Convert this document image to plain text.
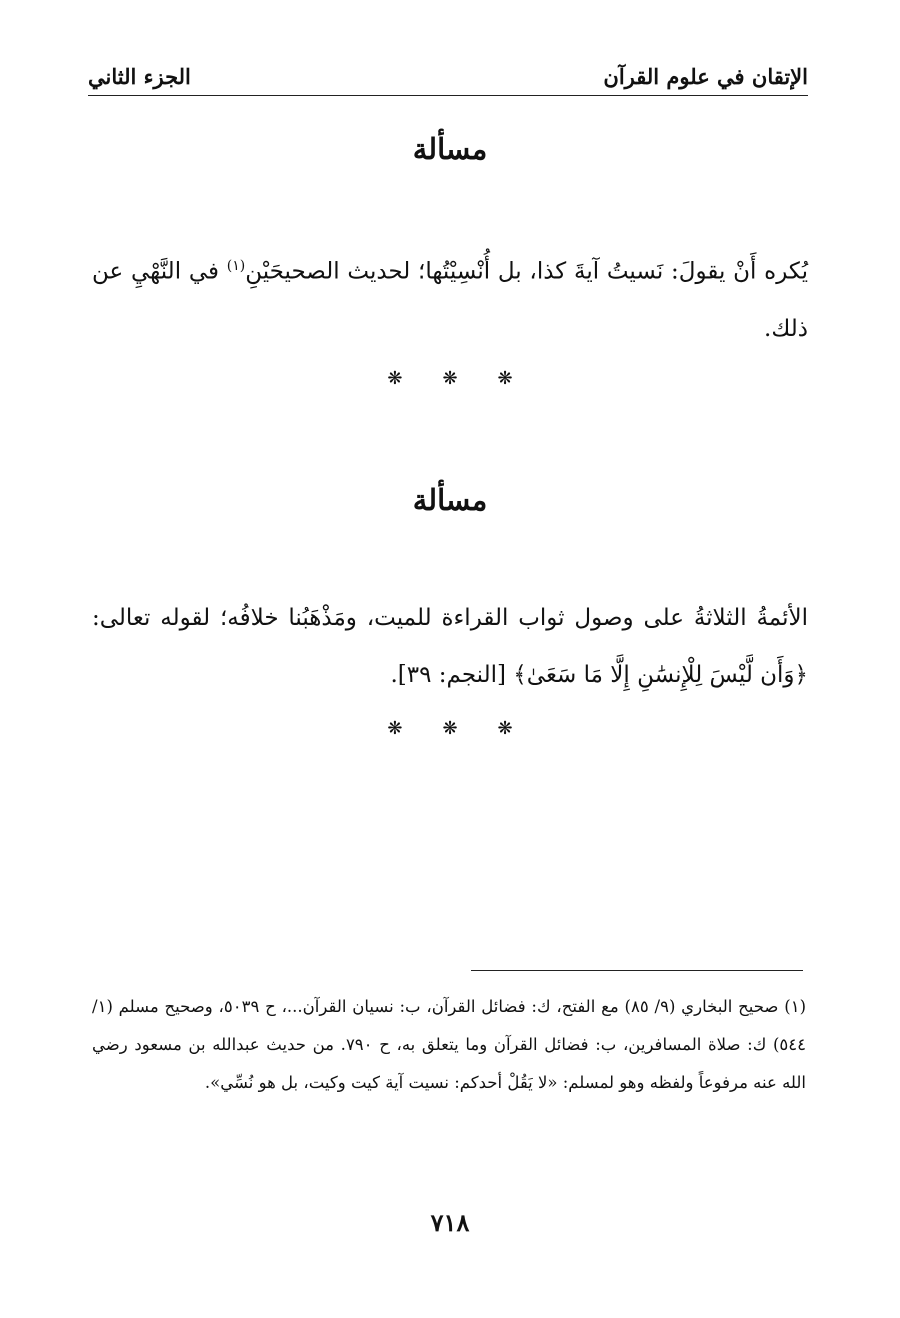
الإتقان في علوم القرآن
الجزء الثاني
مسألة
يُكره أَنْ يقولَ: نَسيتُ آيةَ كذا، بل أُنْسِيْتُها؛ لحديث الصحيحَيْنِ$^{(١)}$ في النَّهْيِ عن ذلك.
❋❋❋
مسألة
الأئمةُ الثلاثةُ على وصول ثواب القراءة للميت، ومَذْهَبُنا خلافُه؛ لقوله تعالى: ﴿وَأَن لَّيْسَ لِلْإِنسَٰنِ إِلَّا مَا سَعَىٰ﴾ [النجم: ٣٩].
❋❋❋
(١) صحيح البخاري (٩/ ٨٥) مع الفتح، ك: فضائل القرآن، ب: نسيان القرآن...، ح ٥٠٣٩، وصحيح مسلم (١/ ٥٤٤) ك: صلاة المسافرين، ب: فضائل القرآن وما يتعلق به، ح ٧٩٠. من حديث عبدالله بن مسعود رضي الله عنه مرفوعاً ولفظه وهو لمسلم: «لا يَقُلْ أحدكم: نسيت آية كيت وكيت، بل هو نُسِّي».
٧١٨
